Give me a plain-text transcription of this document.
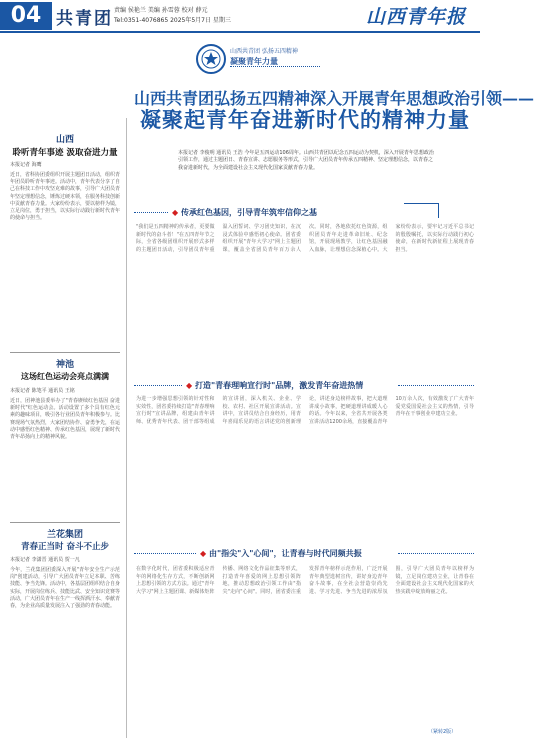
04 共青团 责编 侯艳兰 美编 孙雪蓉 校对 薛元
Tel:0351-4076865 2025年5月7日 星期三	山西青年报
山西
聆听青年事迹 汲取奋进力量
本报记者 海鹰
近日，省科协团委组织开展主题团日活动，组织青年团员聆听青年事迹。活动中，青年代表分享了自己在科技工作中攻坚克难的故事，引导广大团员青年坚定理想信念，锤炼过硬本领，在服务科技创新中贡献青春力量。大家纷纷表示，要以榜样为镜，立足岗位，勇于担当，以实际行动践行新时代青年的使命与担当。
神池
这场红色运动会亮点满满
本报记者 陈笔平 通讯员 王铭
近日，团神池县委举办了"青春赓续红色基因 奋进新时代"红色运动会。活动设置了多个具有红色元素的趣味项目，吸引各行业团员青年积极参与。比赛现场气氛热烈，大家团结协作、奋勇争先，在运动中感悟红色精神、传承红色基因，展现了新时代青年昂扬向上的精神风貌。
兰花集团
青春正当时 奋斗不止步
本报记者 李潇晋 通讯员 贺一凡
今年，兰花集团团委深入开展"青年安全生产示范岗"创建活动，引导广大团员青年立足本职、苦练技能、争当先锋。活动中，各基层团组织结合自身实际，开展岗位练兵、技能比武、安全知识竞赛等活动，广大团员青年在生产一线挥洒汗水、奉献青春，为企业高质量发展注入了强劲的青春动能。
山西共青团 弘扬五四精神
凝聚青年力量
山西共青团弘扬五四精神深入开展青年思想政治引领——
凝聚起青年奋进新时代的精神力量
本报记者 李俊明 通讯员 王浩 今年是五四运动106周年。山西共青团以纪念五四运动为契机，深入开展青年思想政治引领工作，通过主题团日、青春宣讲、志愿服务等形式，引导广大团员青年传承五四精神、坚定理想信念，以青春之我奋进新时代，为全面建设社会主义现代化国家贡献青春力量。
◆ 传承红色基因，引导青年筑牢信仰之基
"我们是五四精神的传承者，更要做新时代的奋斗者！"在五四青年节之际，全省各级团组织开展形式多样的主题团日活动，引导团员青年重温入团誓词、学习团史知识，在沉浸式体验中感悟初心使命。团省委组织开展"青年大学习"网上主题团课，覆盖全省团员青年百万余人次。同时，各地依托红色资源，组织团员青年走进革命旧址、纪念馆，开展现场教学，让红色基因融入血脉，让理想信念深植心中。大家纷纷表示，要牢记习近平总书记的殷殷嘱托，以实际行动践行初心使命，在新时代新征程上展现青春担当。
◆ 打造"青春理响宣行时"品牌，激发青年奋进热情
为进一步增强思想引领的针对性和实效性，团省委持续打造"青春理响宣行时"宣讲品牌，组建由青年讲师、优秀青年代表、团干部等组成的宣讲团，深入机关、企业、学校、农村、社区开展宣讲活动。宣讲中，宣讲员结合自身经历，用青年喜闻乐见的语言讲述党的创新理论，讲述身边榜样故事，把大道理讲成小故事，把硬道理讲成暖人心的话。今年以来，全省共开展各类宣讲活动1200余场，直接覆盖青年10万余人次，有效激发了广大青年爱党爱国爱社会主义的热情，引导青年在干事创业中建功立业。
◆ 由"指尖"入"心间"，让青春与时代同频共振
在数字化时代，团省委积极适应青年的网络化生存方式，不断创新网上思想引领的方式方法。通过"青年大学习"网上主题团课、新媒体矩阵传播、网络文化作品征集等形式，打造青年喜爱的网上思想引领阵地，推动思想政治引领工作由"指尖"走向"心间"。同时，团省委注重发挥青年榜样示范作用，广泛开展青年典型选树宣传，讲好身边青年奋斗故事，在全社会营造崇尚先进、学习先进、争当先进的浓厚氛围，引导广大团员青年以榜样为镜，立足岗位建功立业，让青春在全面建设社会主义现代化国家的火热实践中绽放绚丽之花。
（紧转2版）
